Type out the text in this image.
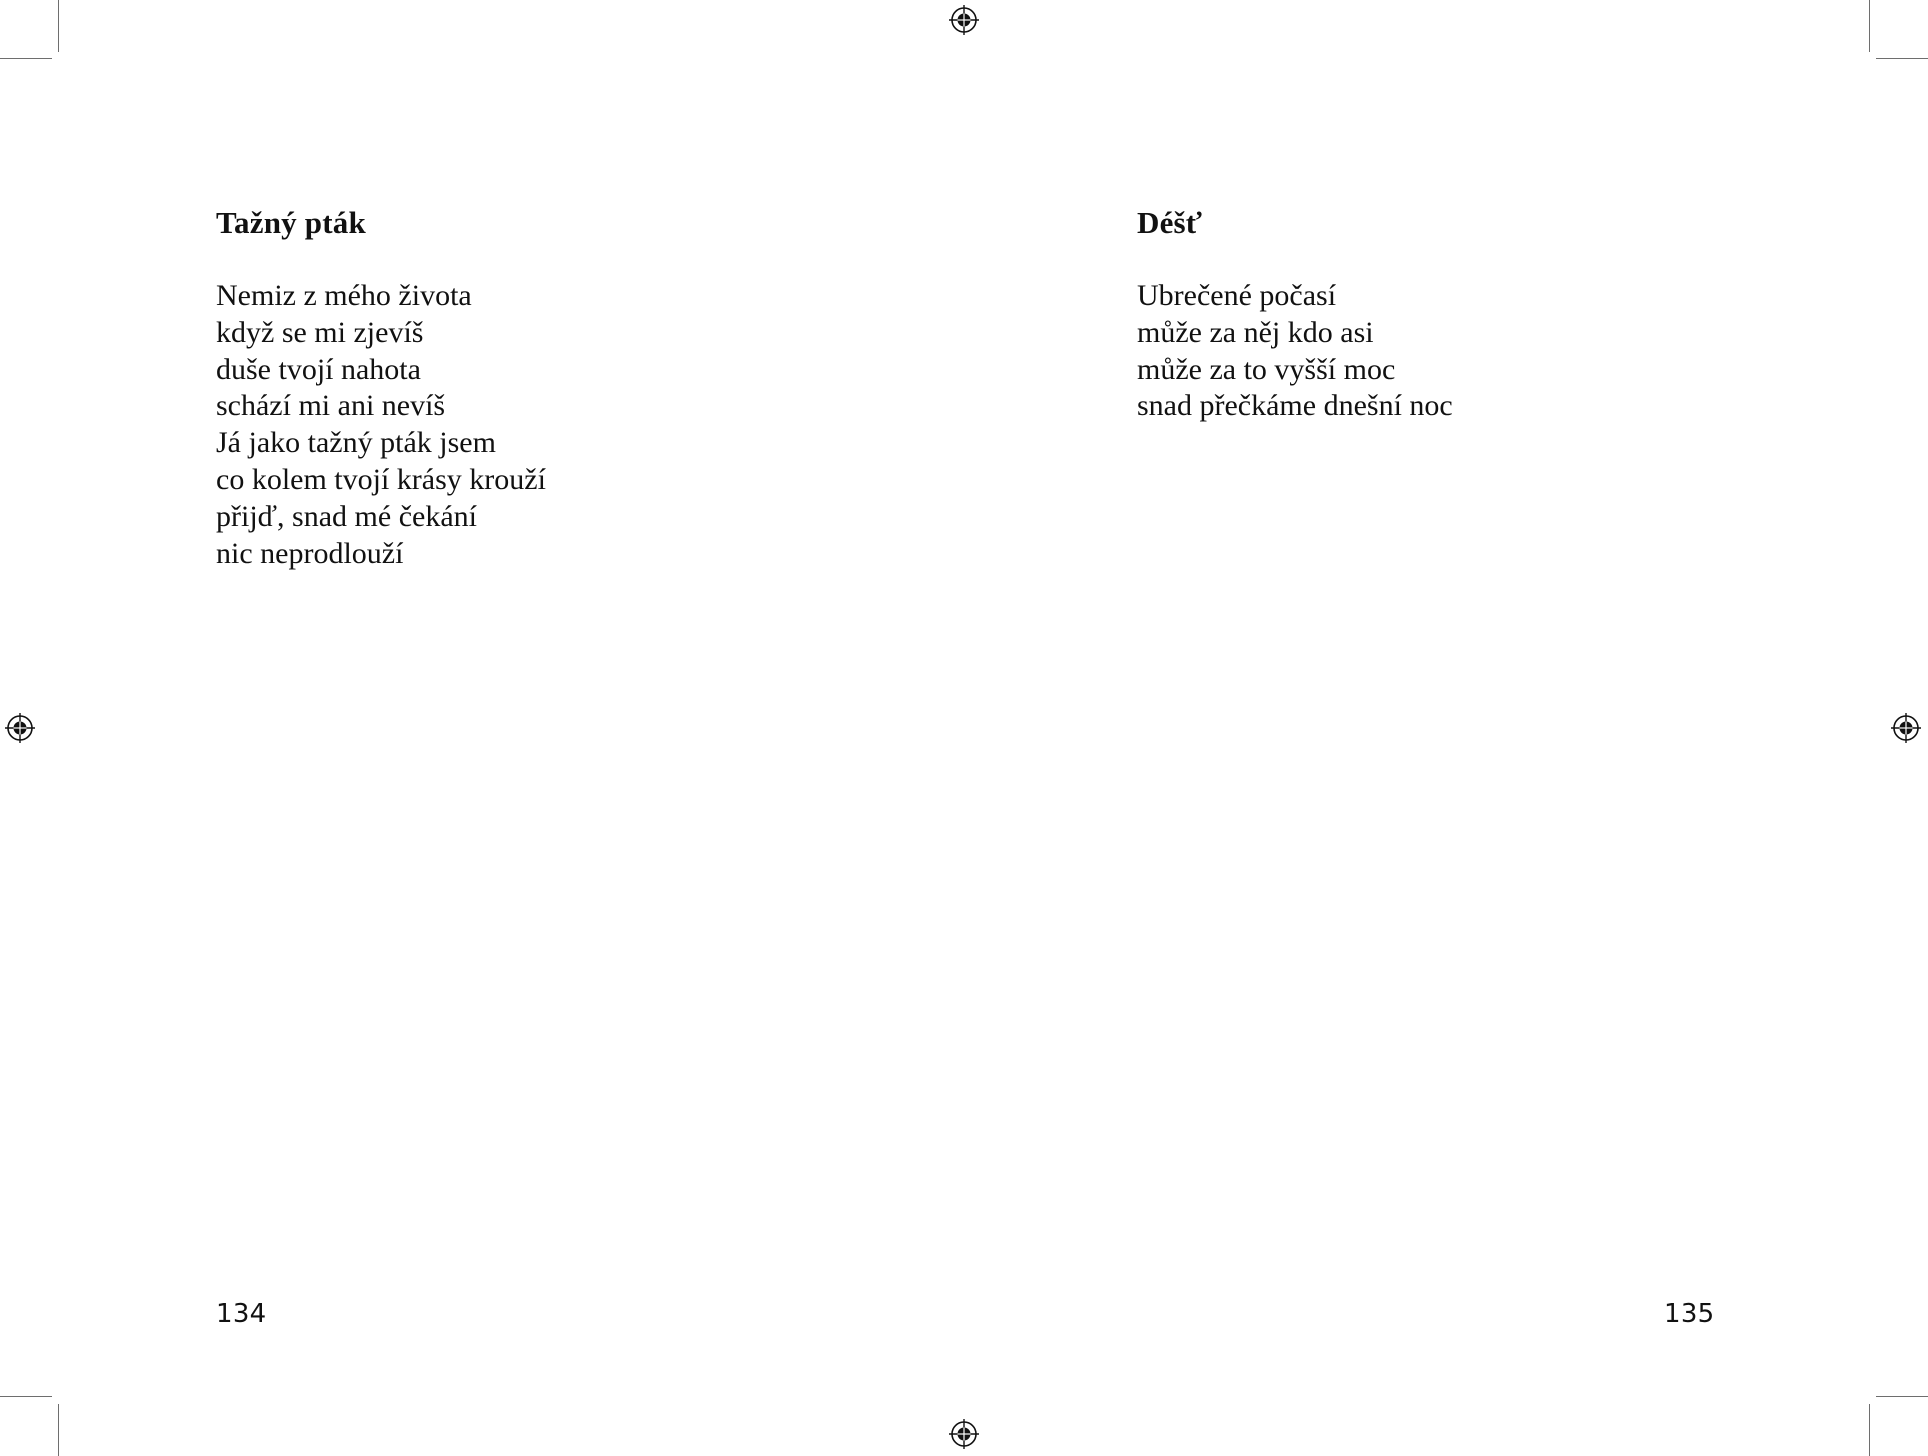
Tažný pták
Nemiz z mého života
když se mi zjevíš
duše tvojí nahota
schází mi ani nevíš
Já jako tažný pták jsem
co kolem tvojí krásy krouží
přijď, snad mé čekání
nic neprodlouží
134
Déšť
Ubrečené počasí
může za něj kdo asi
může za to vyšší moc
snad přečkáme dnešní noc
135
